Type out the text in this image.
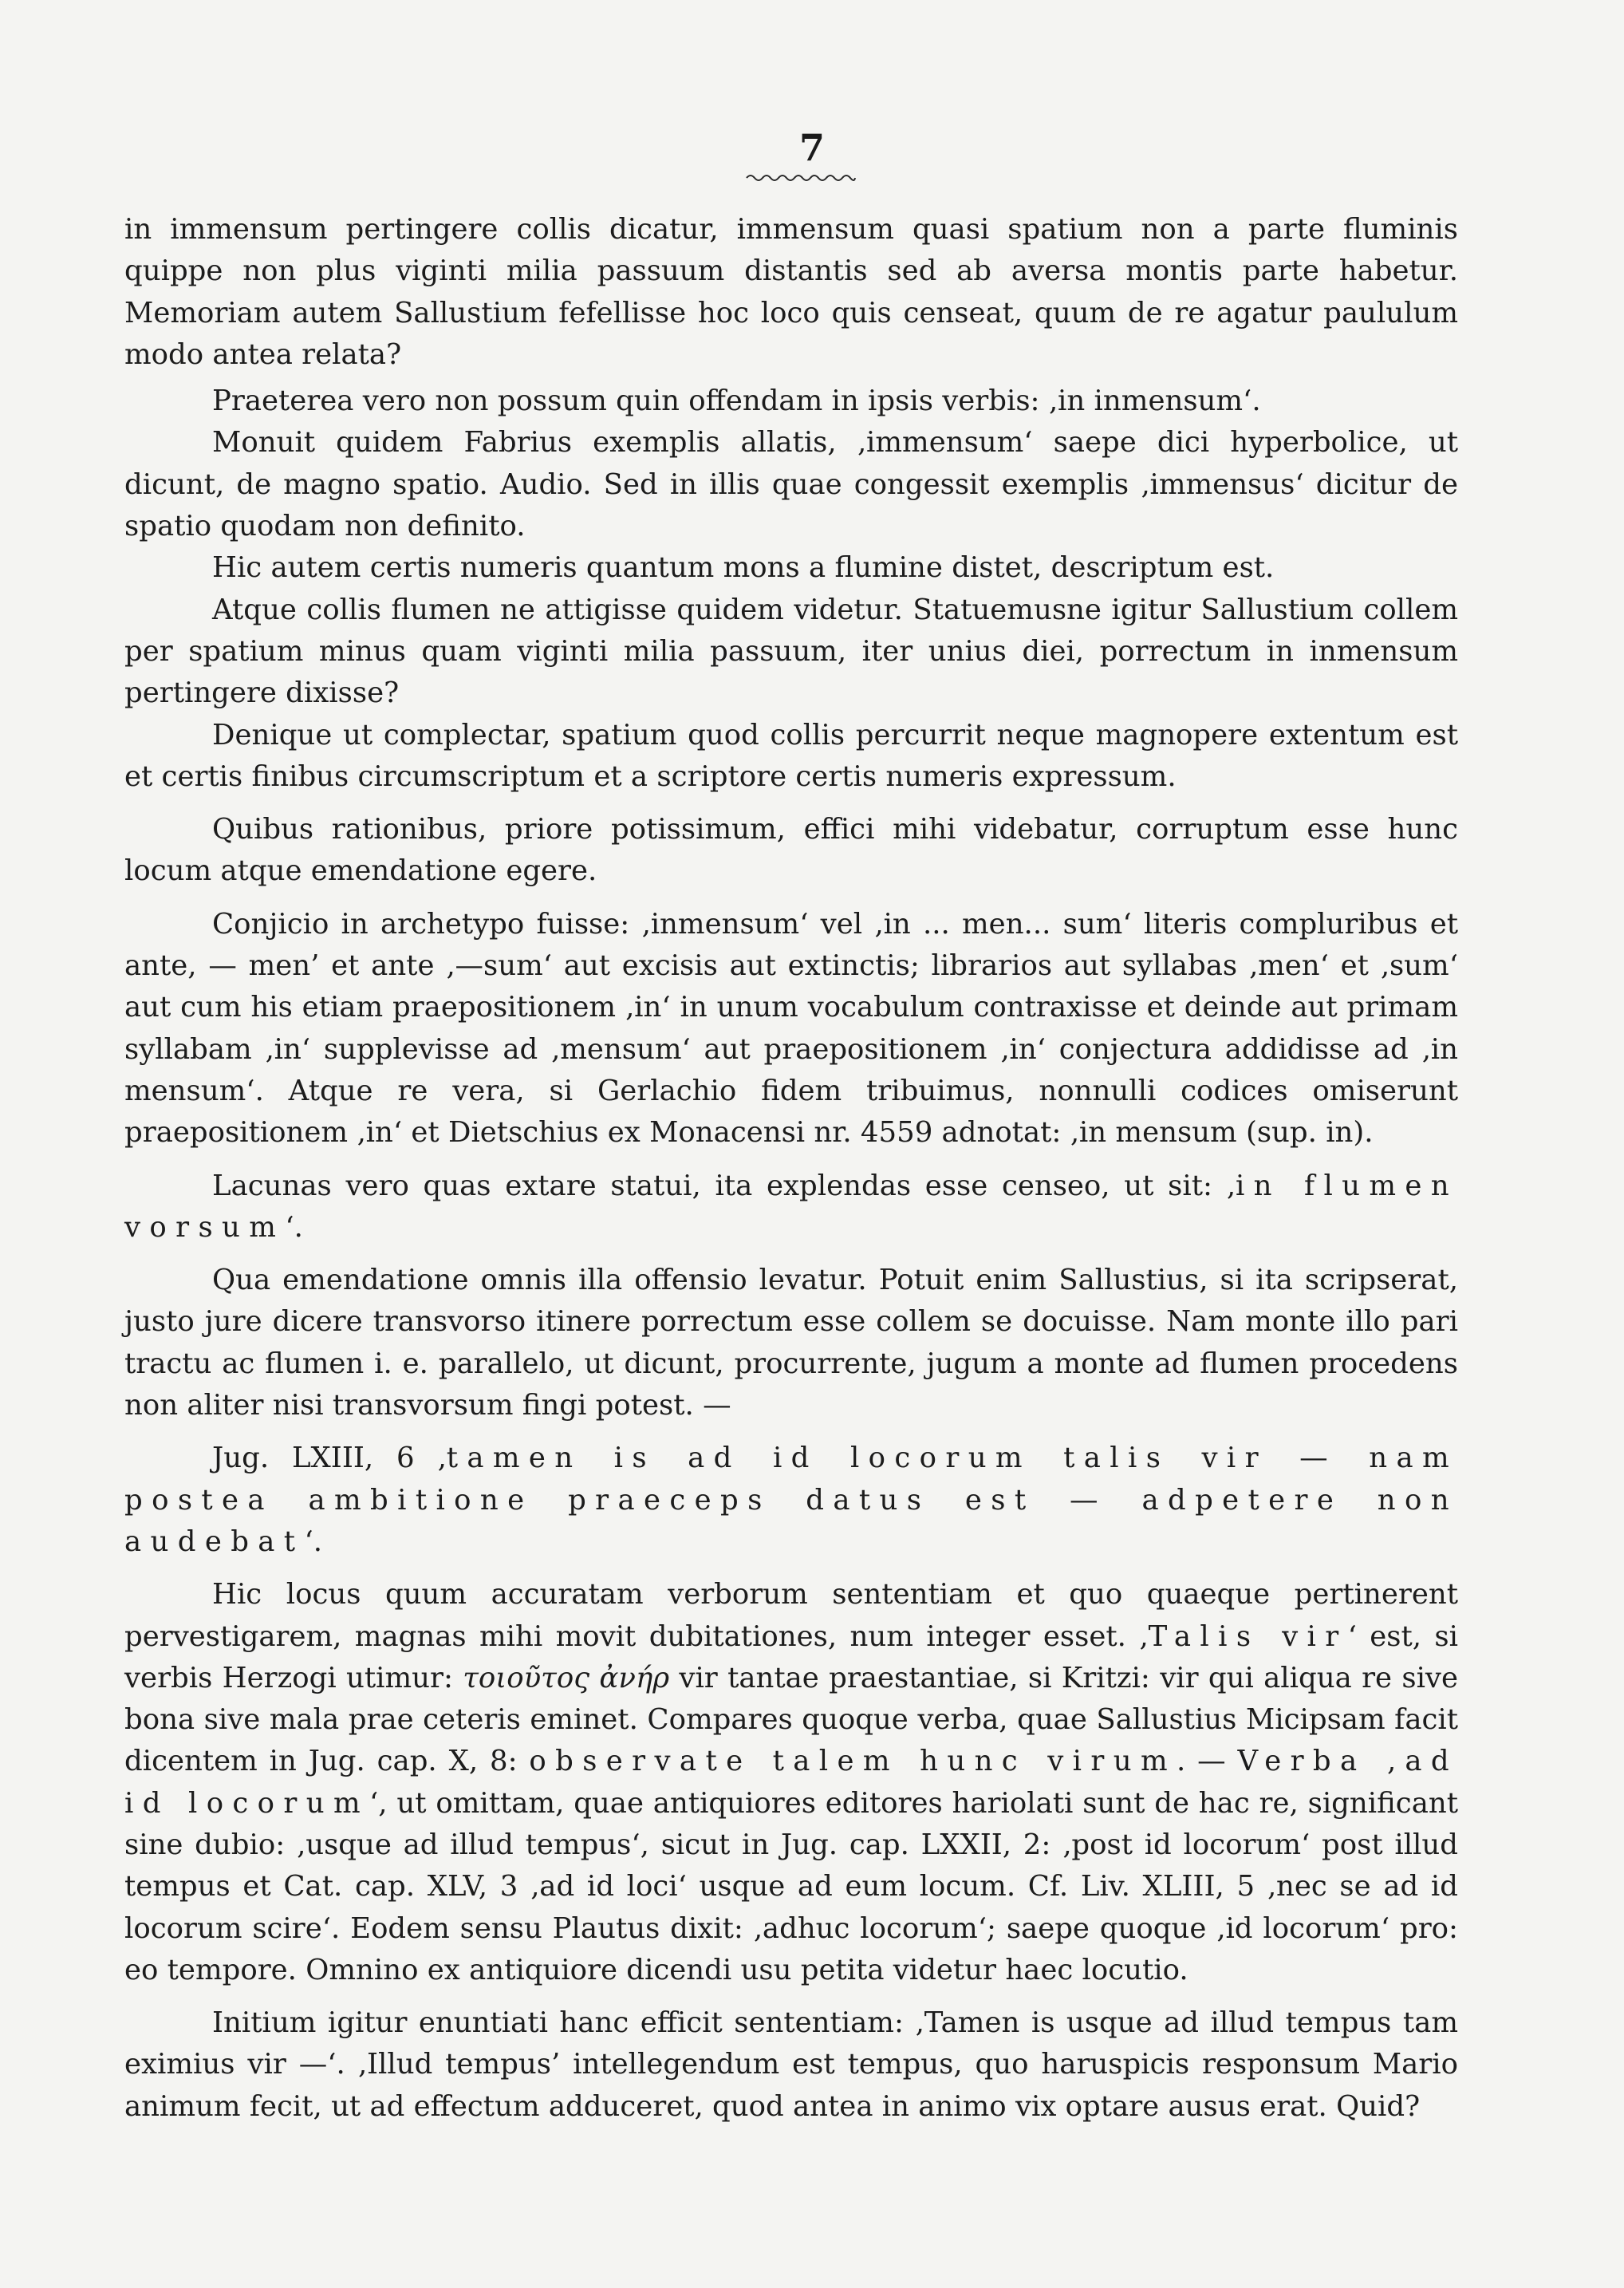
7

in immensum pertingere collis dicatur, immensum quasi spatium non a parte fluminis quippe non plus viginti milia passuum distantis sed ab aversa montis parte habetur. Memoriam autem Sallustium fefellisse hoc loco quis censeat, quum de re agatur paululum modo antea relata?

Praeterea vero non possum quin offendam in ipsis verbis: ‚in inmensum‘.

Monuit quidem Fabrius exemplis allatis, ‚immensum‘ saepe dici hyperbolice, ut dicunt, de magno spatio. Audio. Sed in illis quae congessit exemplis ‚immensus‘ dicitur de spatio quodam non definito.

Hic autem certis numeris quantum mons a flumine distet, descriptum est.

Atque collis flumen ne attigisse quidem videtur. Statuemusne igitur Sallustium collem per spatium minus quam viginti milia passuum, iter unius diei, porrectum in inmensum pertingere dixisse?

Denique ut complectar, spatium quod collis percurrit neque magnopere extentum est et certis finibus circumscriptum et a scriptore certis numeris expressum.

Quibus rationibus, priore potissimum, effici mihi videbatur, corruptum esse hunc locum atque emendatione egere.

Conjicio in archetypo fuisse: ‚inmensum‘ vel ‚in ... men... sum‘ literis compluribus et ante, — men’ et ante ‚—sum‘ aut excisis aut extinctis; librarios aut syllabas ‚men‘ et ‚sum‘ aut cum his etiam praepositionem ‚in‘ in unum vocabulum contraxisse et deinde aut primam syllabam ‚in‘ supplevisse ad ‚mensum‘ aut praepositionem ‚in‘ conjectura addidisse ad ‚in mensum‘. Atque re vera, si Gerlachio fidem tribuimus, nonnulli codices omiserunt praepositionem ‚in‘ et Dietschius ex Monacensi nr. 4559 adnotat: ‚in mensum (sup. in).

Lacunas vero quas extare statui, ita explendas esse censeo, ut sit: ‚in flumen vorsum‘.

Qua emendatione omnis illa offensio levatur. Potuit enim Sallustius, si ita scripserat, justo jure dicere transvorso itinere porrectum esse collem se docuisse. Nam monte illo pari tractu ac flumen i. e. parallelo, ut dicunt, procurrente, jugum a monte ad flumen procedens non aliter nisi transvorsum fingi potest. —

Jug. LXIII, 6 ‚tamen is ad id locorum talis vir — nam postea ambitione praeceps datus est — adpetere non audebat‘.

Hic locus quum accuratam verborum sententiam et quo quaeque pertinerent pervestigarem, magnas mihi movit dubitationes, num integer esset. ‚Talis vir‘ est, si verbis Herzogi utimur: τοιοῦτος ἀνήρ vir tantae praestantiae, si Kritzi: vir qui aliqua re sive bona sive mala prae ceteris eminet. Compares quoque verba, quae Sallustius Micipsam facit dicentem in Jug. cap. X, 8: observate talem hunc virum. — Verba ‚ad id locorum‘, ut omittam, quae antiquiores editores hariolati sunt de hac re, significant sine dubio: ‚usque ad illud tempus‘, sicut in Jug. cap. LXXII, 2: ‚post id locorum‘ post illud tempus et Cat. cap. XLV, 3 ‚ad id loci‘ usque ad eum locum. Cf. Liv. XLIII, 5 ‚nec se ad id locorum scire‘. Eodem sensu Plautus dixit: ‚adhuc locorum‘; saepe quoque ‚id locorum‘ pro: eo tempore. Omnino ex antiquiore dicendi usu petita videtur haec locutio.

Initium igitur enuntiati hanc efficit sententiam: ‚Tamen is usque ad illud tempus tam eximius vir —‘. ‚Illud tempus’ intellegendum est tempus, quo haruspicis responsum Mario animum fecit, ut ad effectum adduceret, quod antea in animo vix optare ausus erat. Quid?
